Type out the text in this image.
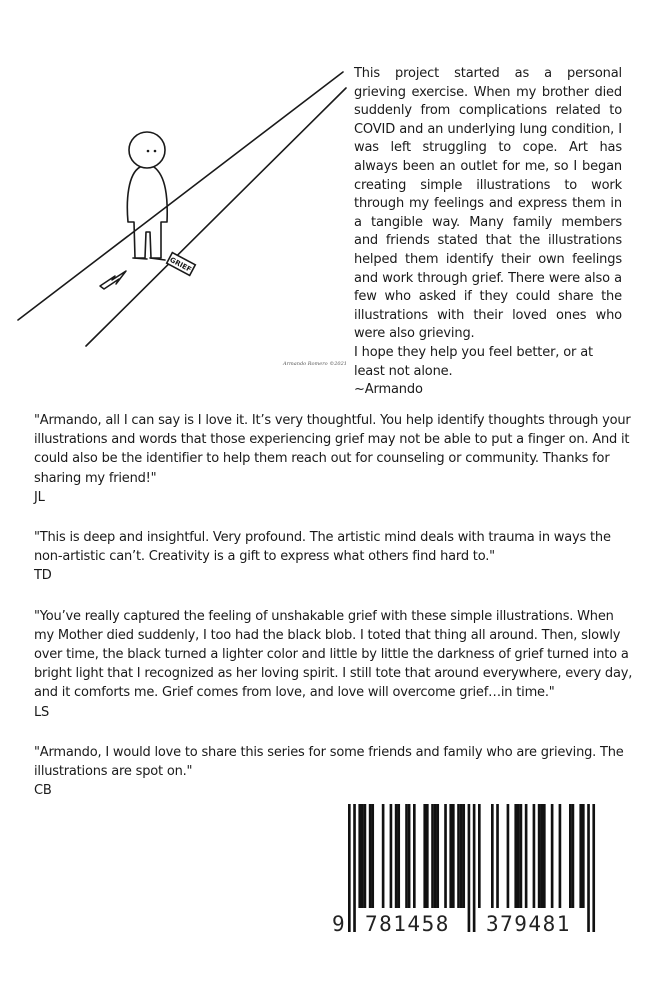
GRIEF
Armando Romero ©2021

This project started as a personal grieving exercise. When my brother died suddenly from complications related to COVID and an underlying lung condition, I was left struggling to cope. Art has always been an outlet for me, so I began creating simple illustrations to work through my feelings and express them in a tangible way. Many family members and friends stated that the illustrations helped them identify their own feelings and work through grief. There were also a few who asked if they could share the illustrations with their loved ones who were also grieving.

I hope they help you feel better, or at least not alone.

~Armando

"Armando, all I can say is I love it. It’s very thoughtful. You help identify thoughts through your illustrations and words that those experiencing grief may not be able to put a finger on. And it could also be the identifier to help them reach out for counseling or community. Thanks for sharing my friend!"

JL

"This is deep and insightful. Very profound. The artistic mind deals with trauma in ways the non-artistic can’t. Creativity is a gift to express what others find hard to."

TD

"You’ve really captured the feeling of unshakable grief with these simple illustrations. When my Mother died suddenly, I too had the black blob. I toted that thing all around. Then, slowly over time, the black turned a lighter color and little by little the darkness of grief turned into a bright light that I recognized as her loving spirit. I still tote that around everywhere, every day, and it comforts me. Grief comes from love, and love will overcome grief…in time."

LS

"Armando, I would love to share this series for some friends and family who are grieving. The illustrations are spot on."

CB

9 781458 379481
